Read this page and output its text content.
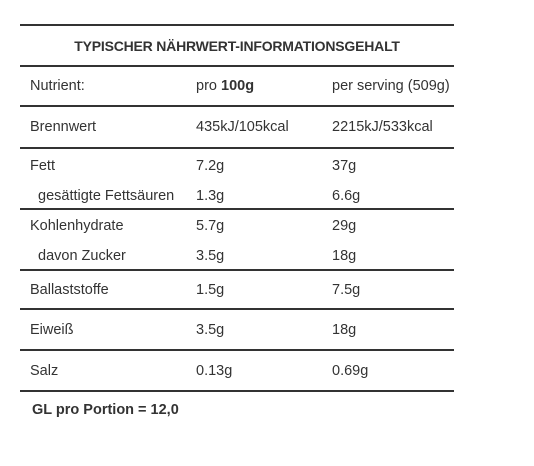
TYPISCHER NÄHRWERT-INFORMATIONSGEHALT
Nutrient:	pro 100g	per serving (509g)
Brennwert	435kJ/105kcal	2215kJ/533kcal
Fett	7.2g	37g
gesättigte Fettsäuren 1.3g	6.6g
Kohlenhydrate	5.7g	29g
davon Zucker	3.5g	18g
Ballaststoffe	1.5g	7.5g
Eiweiß	3.5g	18g
Salz	0.13g	0.69g
GL pro Portion = 12,0
